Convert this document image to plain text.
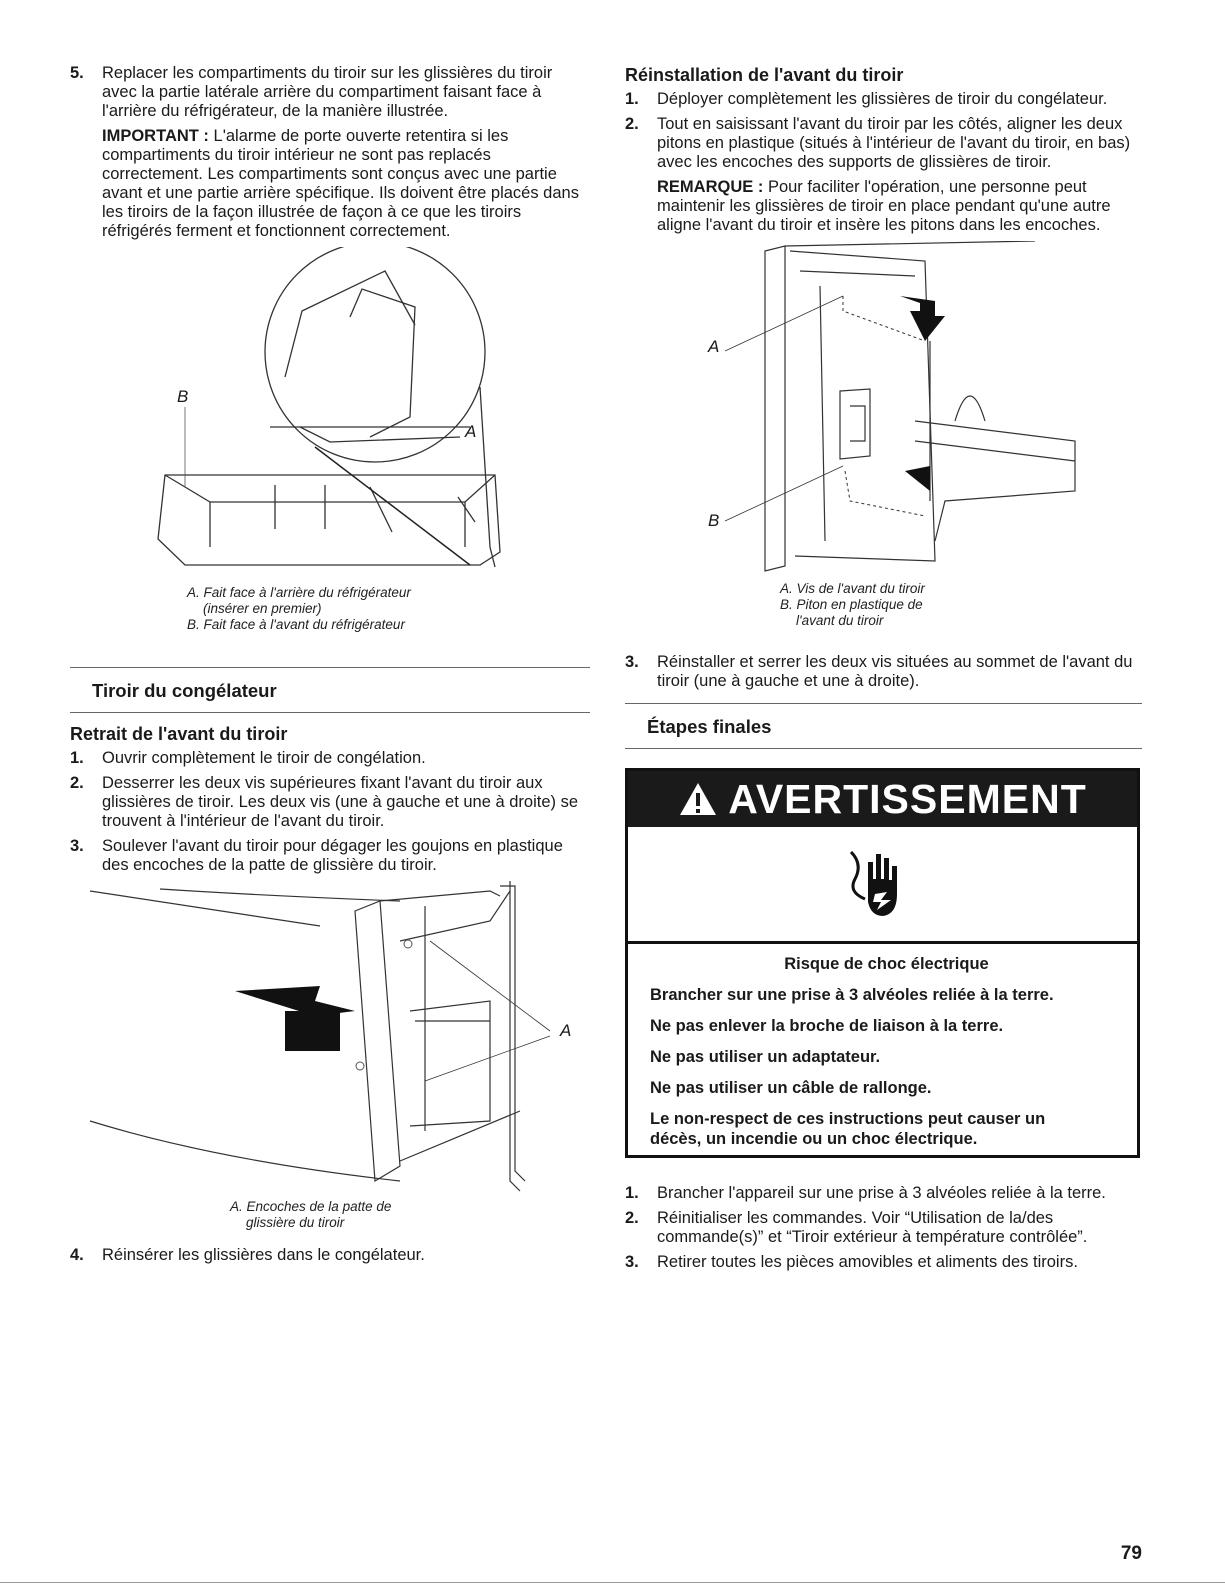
5. Replacer les compartiments du tiroir sur les glissières du tiroir avec la partie latérale arrière du compartiment faisant face à l'arrière du réfrigérateur, de la manière illustrée.
IMPORTANT : L'alarme de porte ouverte retentira si les compartiments du tiroir intérieur ne sont pas replacés correctement. Les compartiments sont conçus avec une partie avant et une partie arrière spécifique. Ils doivent être placés dans les tiroirs de la façon illustrée de façon à ce que les tiroirs réfrigérés ferment et fonctionnent correctement.
B
A
A. Fait face à l'arrière du réfrigérateur
(insérer en premier)
B. Fait face à l'avant du réfrigérateur
Tiroir du congélateur
Retrait de l'avant du tiroir
1. Ouvrir complètement le tiroir de congélation.
2. Desserrer les deux vis supérieures fixant l'avant du tiroir aux glissières de tiroir. Les deux vis (une à gauche et une à droite) se trouvent à l'intérieur de l'avant du tiroir.
3. Soulever l'avant du tiroir pour dégager les goujons en plastique des encoches de la patte de glissière du tiroir.
A
A. Encoches de la patte de
glissière du tiroir
4. Réinsérer les glissières dans le congélateur.
Réinstallation de l'avant du tiroir
1. Déployer complètement les glissières de tiroir du congélateur.
2. Tout en saisissant l'avant du tiroir par les côtés, aligner les deux pitons en plastique (situés à l'intérieur de l'avant du tiroir, en bas) avec les encoches des supports de glissières de tiroir.
REMARQUE : Pour faciliter l'opération, une personne peut maintenir les glissières de tiroir en place pendant qu'une autre aligne l'avant du tiroir et insère les pitons dans les encoches.
A
B
A. Vis de l'avant du tiroir
B. Piton en plastique de
l'avant du tiroir
3. Réinstaller et serrer les deux vis situées au sommet de l'avant du tiroir (une à gauche et une à droite).
Étapes finales
AVERTISSEMENT

Risque de choc électrique

Brancher sur une prise à 3 alvéoles reliée à la terre.

Ne pas enlever la broche de liaison à la terre.

Ne pas utiliser un adaptateur.

Ne pas utiliser un câble de rallonge.

Le non-respect de ces instructions peut causer un décès, un incendie ou un choc électrique.

1. Brancher l'appareil sur une prise à 3 alvéoles reliée à la terre.
2. Réinitialiser les commandes. Voir “Utilisation de la/des commande(s)” et “Tiroir extérieur à température contrôlée”.
3. Retirer toutes les pièces amovibles et aliments des tiroirs.
79
